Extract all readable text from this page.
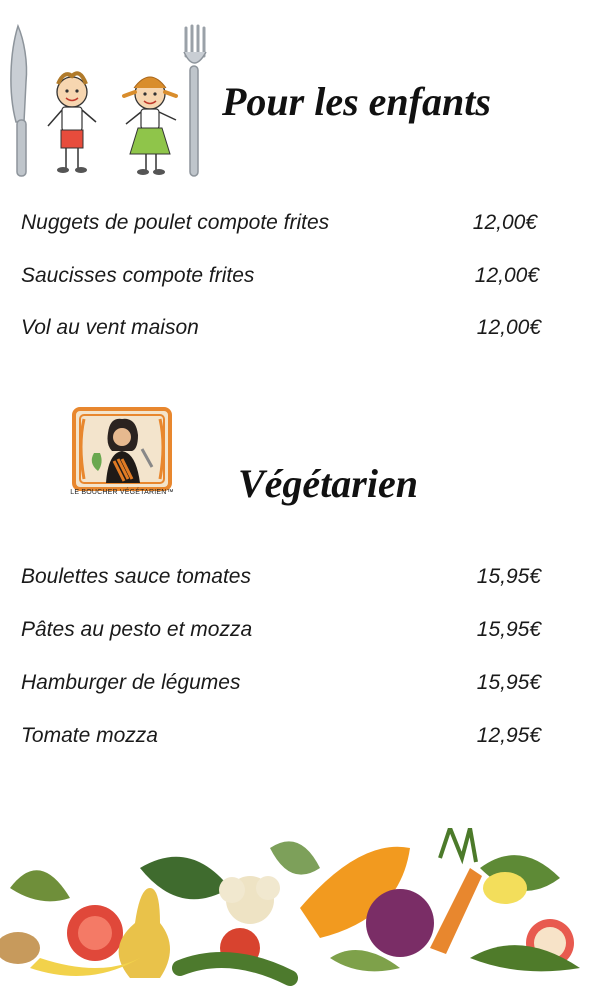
Pour les enfants
Nuggets de poulet compote frites	12,00€
Saucisses compote frites	12,00€
Vol au vent maison	12,00€
LE BOUCHER VÉGÉTARIEN™ Végétarien
Boulettes sauce tomates	15,95€
Pâtes au pesto et mozza	15,95€
Hamburger de légumes	15,95€
Tomate mozza	12,95€
